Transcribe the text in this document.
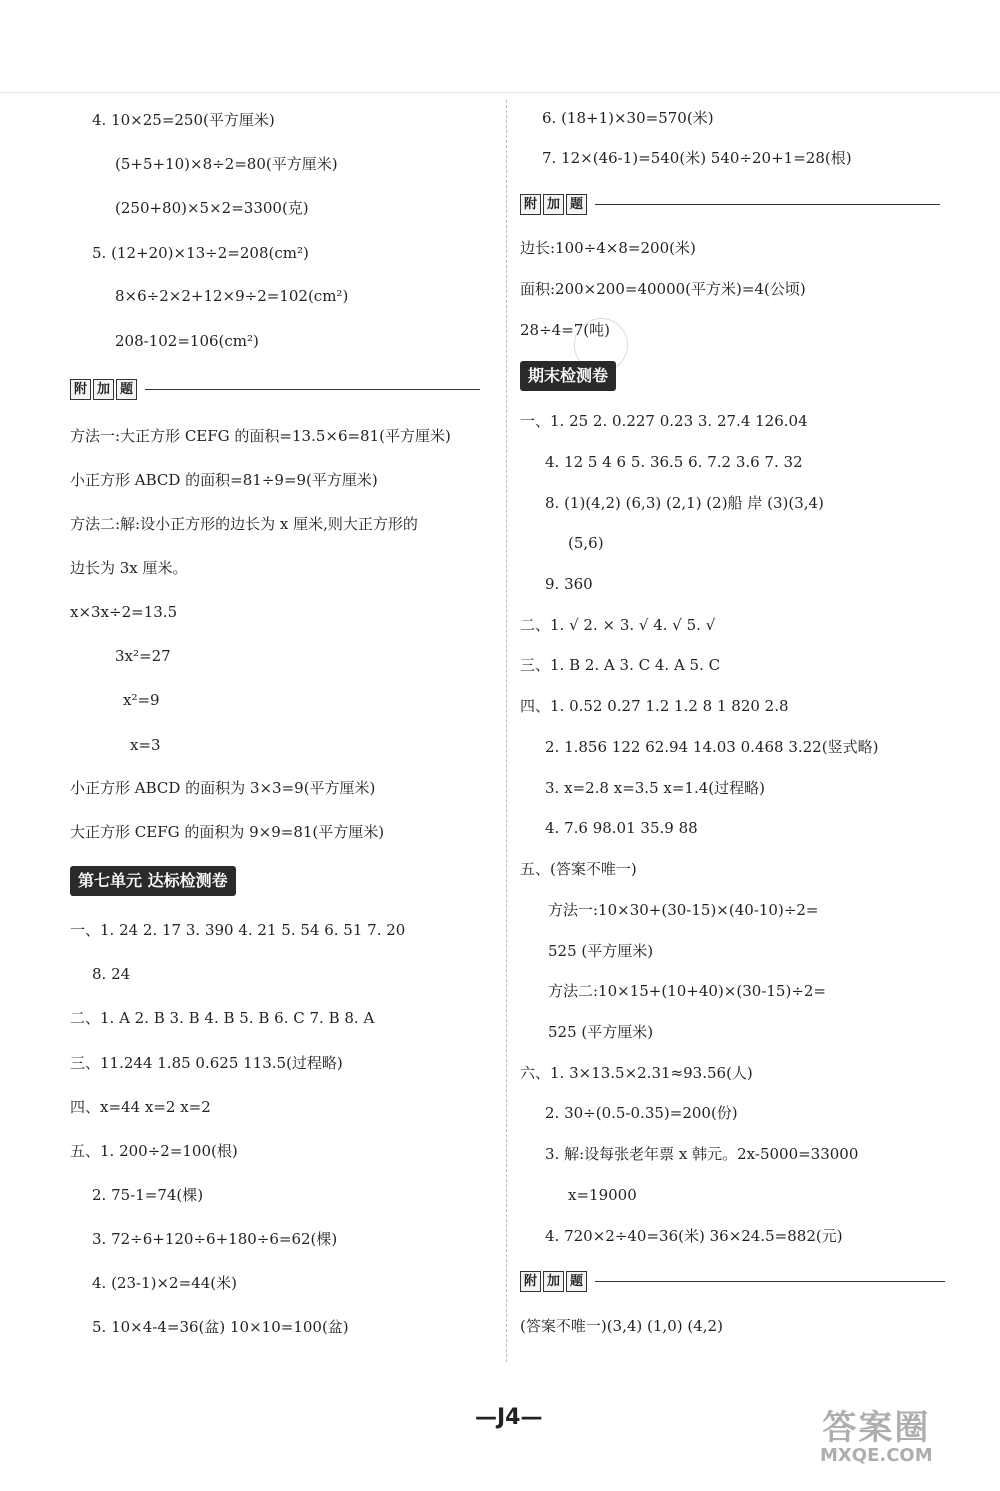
4. 10×25=250(平方厘米)
(5+5+10)×8÷2=80(平方厘米)
(250+80)×5×2=3300(克)
5. (12+20)×13÷2=208(cm²)
8×6÷2×2+12×9÷2=102(cm²)
208-102=106(cm²)
附 加 题
方法一:大正方形 CEFG 的面积=13.5×6=81(平方厘米)
小正方形 ABCD 的面积=81÷9=9(平方厘米)
方法二:解:设小正方形的边长为 x 厘米,则大正方形的
边长为 3x 厘米。
x×3x÷2=13.5
3x²=27
x²=9
x=3
小正方形 ABCD 的面积为 3×3=9(平方厘米)
大正方形 CEFG 的面积为 9×9=81(平方厘米)
第七单元 达标检测卷
一、1. 24 2. 17 3. 390 4. 21 5. 54 6. 51 7. 20
8. 24
二、1. A 2. B 3. B 4. B 5. B 6. C 7. B 8. A
三、11.244 1.85 0.625 113.5(过程略)
四、x=44 x=2 x=2
五、1. 200÷2=100(根)
2. 75-1=74(棵)
3. 72÷6+120÷6+180÷6=62(棵)
4. (23-1)×2=44(米)
5. 10×4-4=36(盆) 10×10=100(盆)
6. (18+1)×30=570(米)
7. 12×(46-1)=540(米) 540÷20+1=28(根)
附 加 题
边长:100÷4×8=200(米)
面积:200×200=40000(平方米)=4(公顷)
28÷4=7(吨)
期末检测卷
一、1. 25 2. 0.227 0.23 3. 27.4 126.04
4. 12 5 4 6 5. 36.5 6. 7.2 3.6 7. 32
8. (1)(4,2) (6,3) (2,1) (2)船 岸 (3)(3,4)
(5,6)
9. 360
二、1. √ 2. × 3. √ 4. √ 5. √
三、1. B 2. A 3. C 4. A 5. C
四、1. 0.52 0.27 1.2 1.2 8 1 820 2.8
2. 1.856 122 62.94 14.03 0.468 3.22(竖式略)
3. x=2.8 x=3.5 x=1.4(过程略)
4. 7.6 98.01 35.9 88
五、(答案不唯一)
方法一:10×30+(30-15)×(40-10)÷2=
525 (平方厘米)
方法二:10×15+(10+40)×(30-15)÷2=
525 (平方厘米)
六、1. 3×13.5×2.31≈93.56(人)
2. 30÷(0.5-0.35)=200(份)
3. 解:设每张老年票 x 韩元。2x-5000=33000
x=19000
4. 720×2÷40=36(米) 36×24.5=882(元)
附 加 题
(答案不唯一)(3,4) (1,0) (4,2)
—J4—	答案圈
MXQE.COM
